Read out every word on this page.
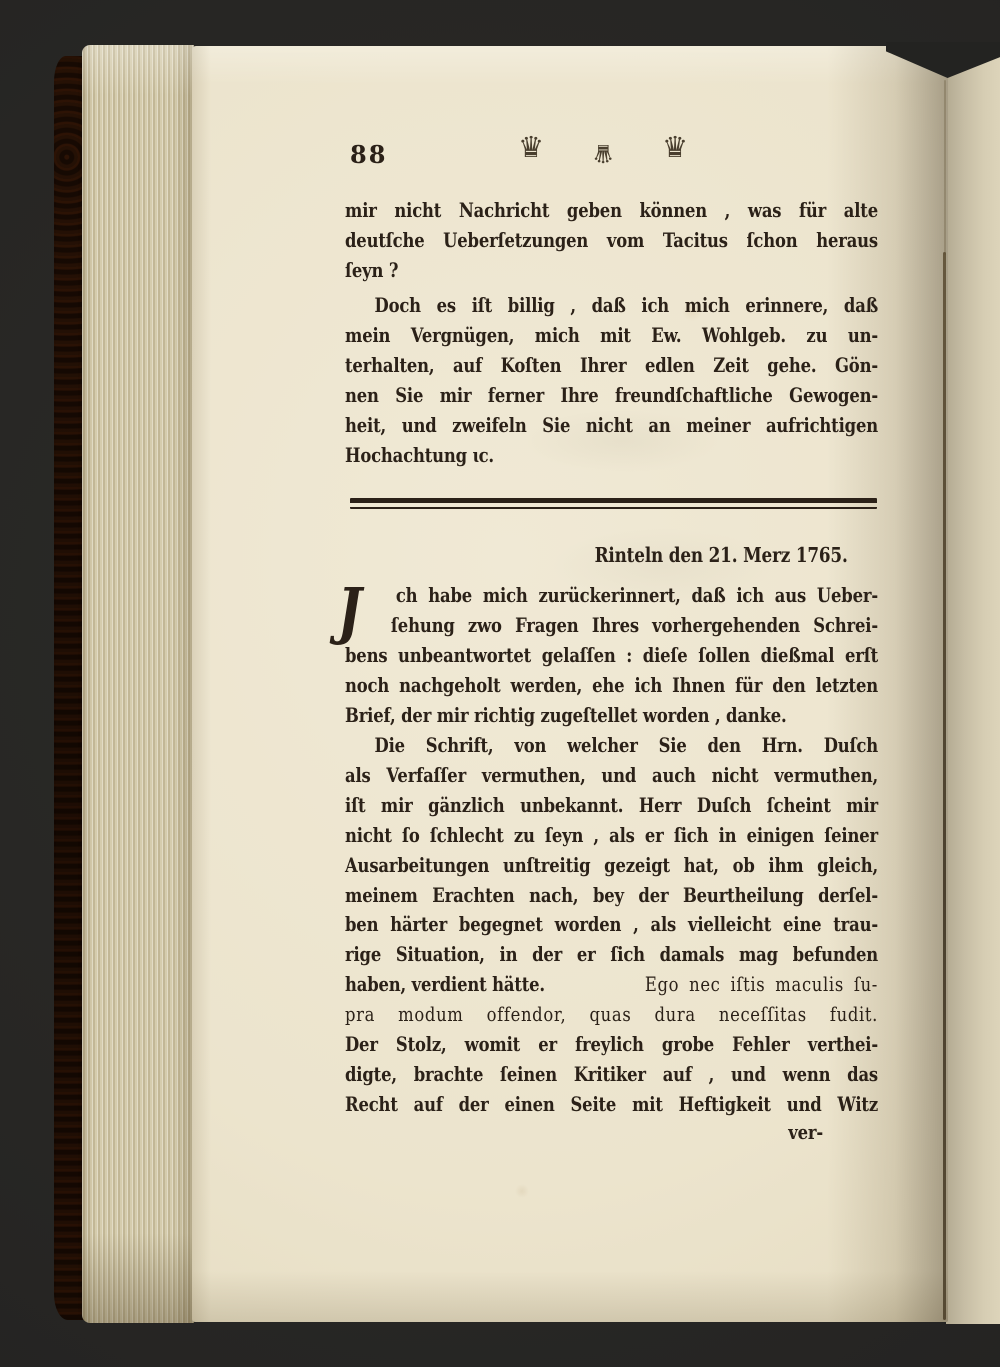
88	♛ ♛ ♛
mir nicht Nachricht geben können , was für alte
deutſche Ueberſetzungen vom Tacitus ſchon heraus
ſeyn ?
Doch es iſt billig , daß ich mich erinnere, daß
mein Vergnügen, mich mit Ew. Wohlgeb. zu un-
terhalten, auf Koſten Ihrer edlen Zeit gehe. Gön-
nen Sie mir ferner Ihre freundſchaftliche Gewogen-
heit, und zweifeln Sie nicht an meiner aufrichtigen
Hochachtung ɩc.
Rinteln den 21. Merz 1765.
J	ch habe mich zurückerinnert, daß ich aus Ueber-
ſehung zwo Fragen Ihres vorhergehenden Schrei-
bens unbeantwortet gelaſſen : dieſe ſollen dießmal erſt
noch nachgeholt werden, ehe ich Ihnen für den letzten
Brief, der mir richtig zugeſtellet worden , danke.
Die Schrift, von welcher Sie den Hrn. Duſch
als Verfaſſer vermuthen, und auch nicht vermuthen,
iſt mir gänzlich unbekannt. Herr Duſch ſcheint mir
nicht ſo ſchlecht zu ſeyn , als er ſich in einigen ſeiner
Ausarbeitungen unſtreitig gezeigt hat, ob ihm gleich,
meinem Erachten nach, bey der Beurtheilung derſel-
ben härter begegnet worden , als vielleicht eine trau-
rige Situation, in der er ſich damals mag befunden
haben, verdient hätte.	Ego nec iſtis maculis ſu-
pra modum offendor, quas dura neceſſitas fudit.
Der Stolz, womit er freylich grobe Fehler verthei-
digte, brachte ſeinen Kritiker auf , und wenn das
Recht auf der einen Seite mit Heftigkeit und Witz
ver-
